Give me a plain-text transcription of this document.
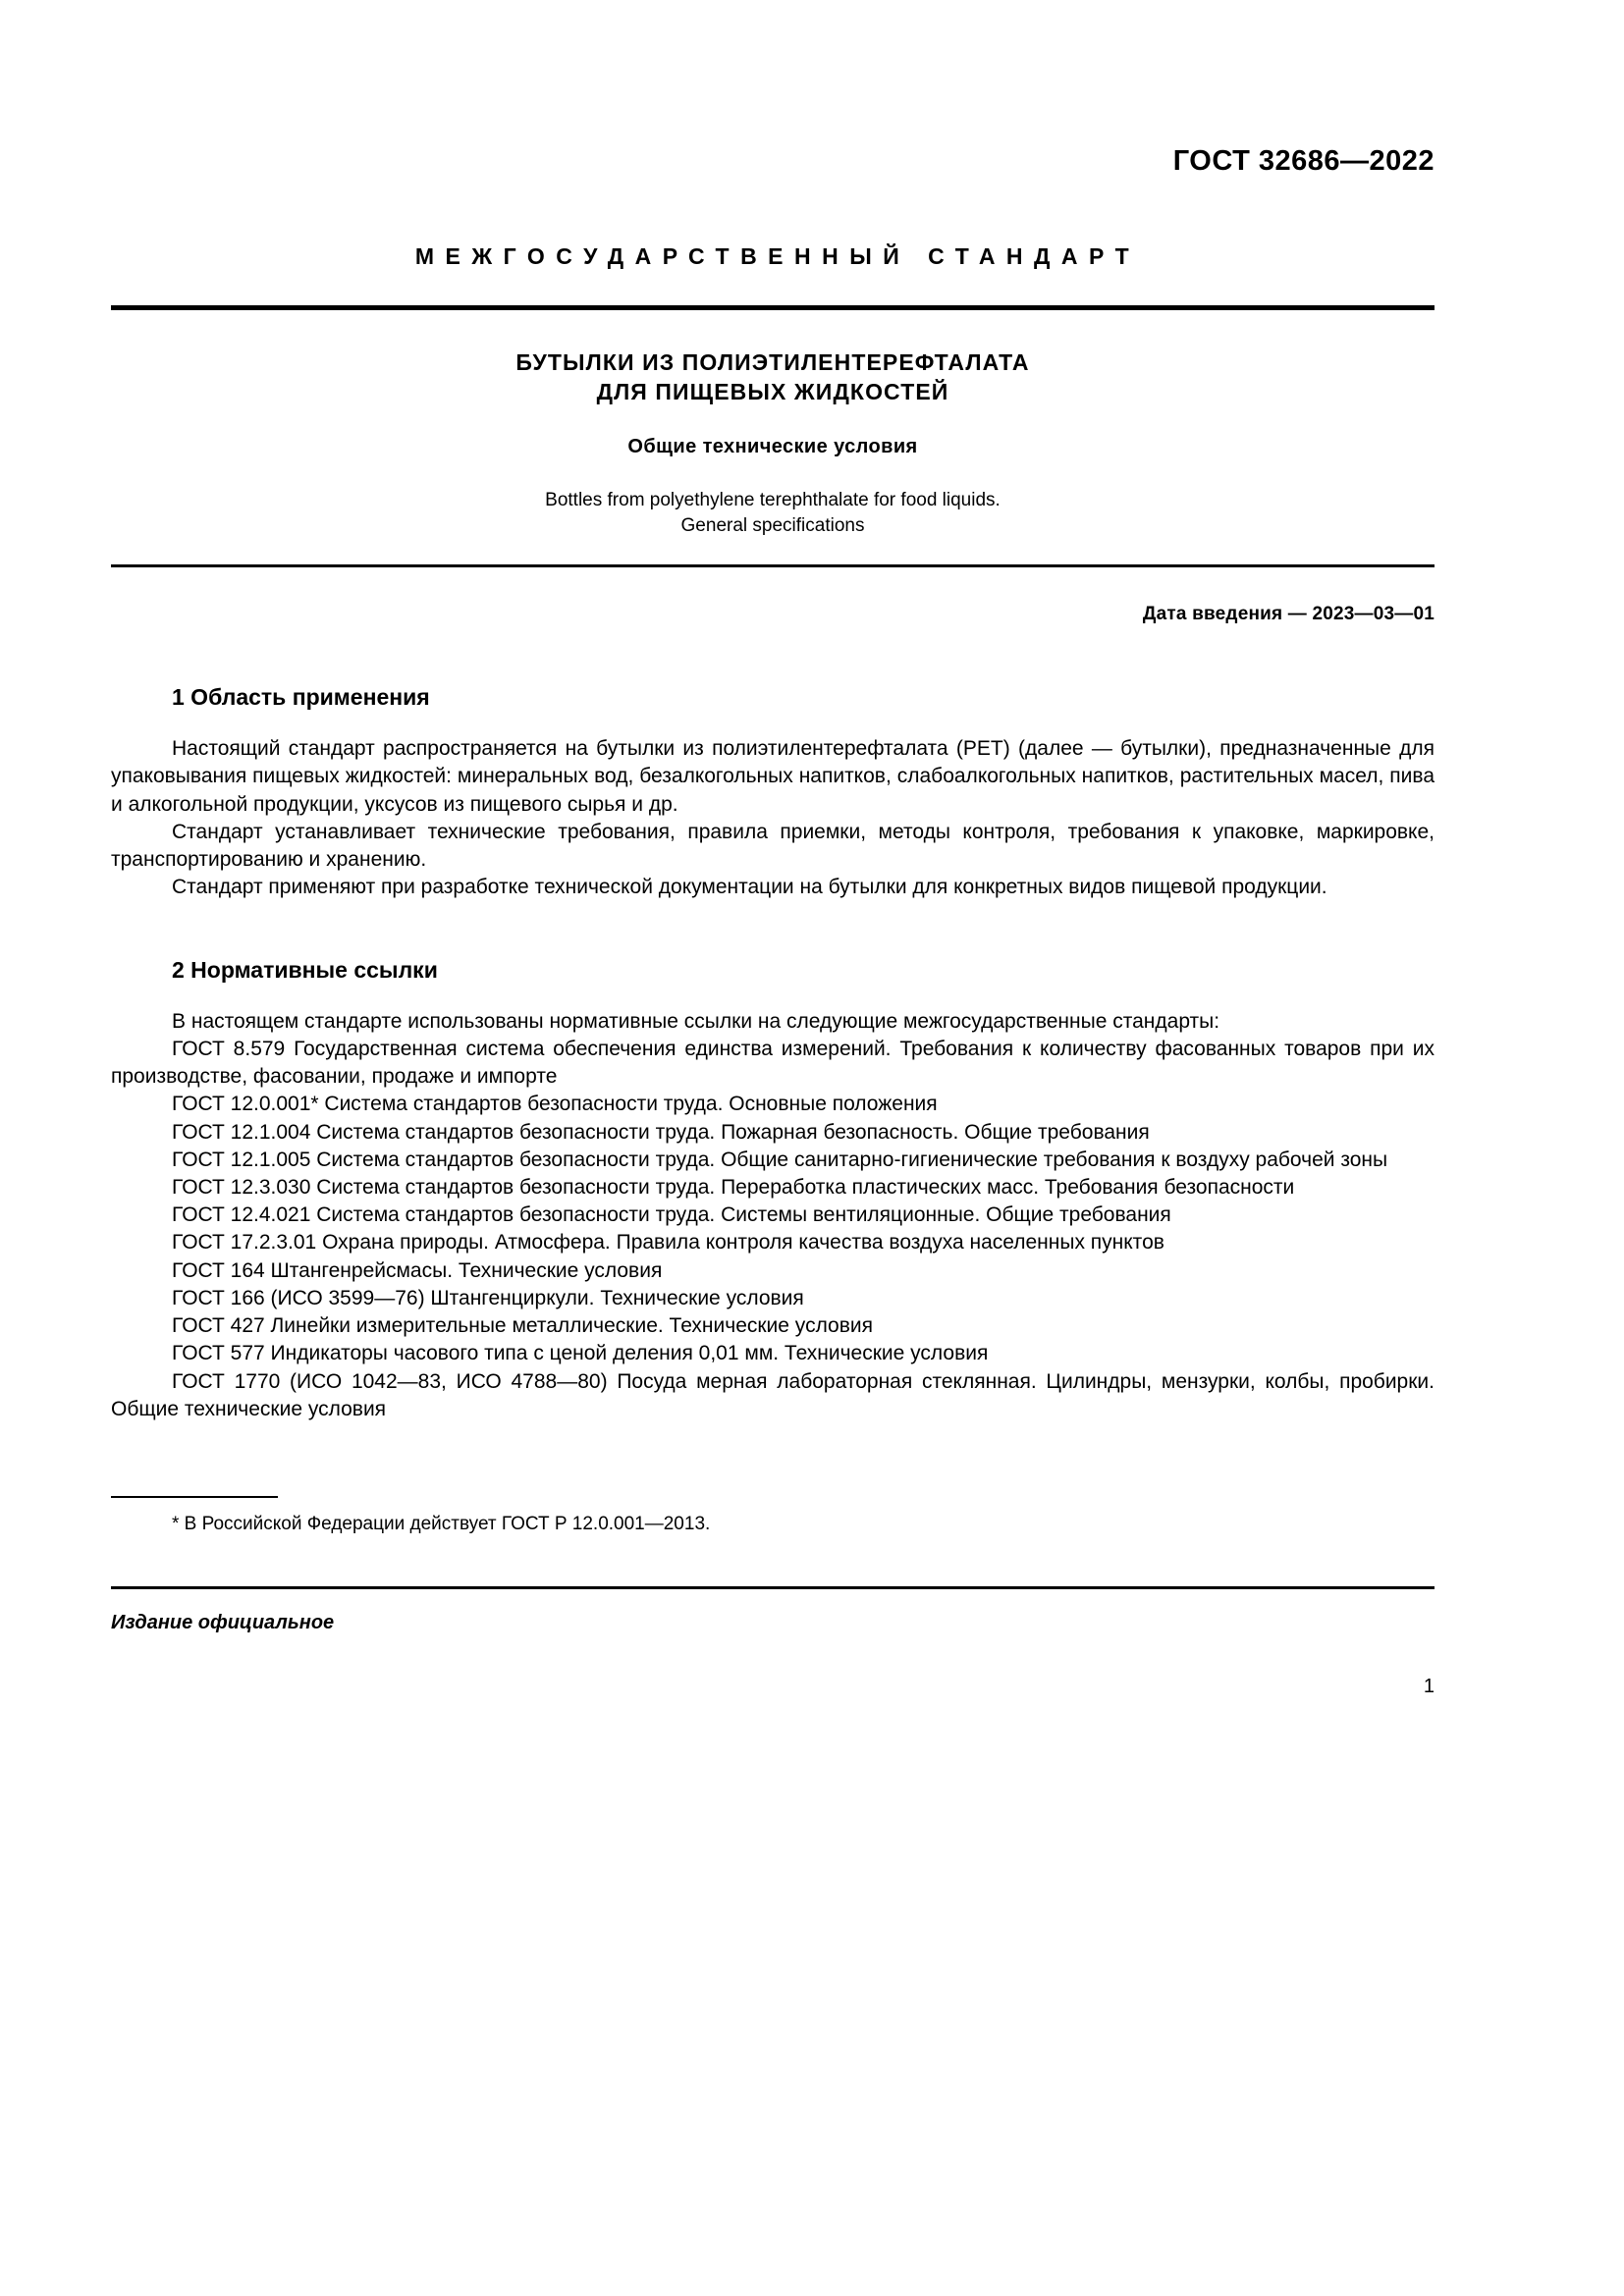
ГОСТ 32686—2022
МЕЖГОСУДАРСТВЕННЫЙ СТАНДАРТ
БУТЫЛКИ ИЗ ПОЛИЭТИЛЕНТЕРЕФТАЛАТА
ДЛЯ ПИЩЕВЫХ ЖИДКОСТЕЙ
Общие технические условия
Bottles from polyethylene terephthalate for food liquids.
General specifications
Дата введения — 2023—03—01
1 Область применения

Настоящий стандарт распространяется на бутылки из полиэтилентерефталата (PET) (далее — бутылки), предназначенные для упаковывания пищевых жидкостей: минеральных вод, безалкогольных напитков, слабоалкогольных напитков, растительных масел, пива и алкогольной продукции, уксусов из пищевого сырья и др.

Стандарт устанавливает технические требования, правила приемки, методы контроля, требования к упаковке, маркировке, транспортированию и хранению.

Стандарт применяют при разработке технической документации на бутылки для конкретных видов пищевой продукции.

2 Нормативные ссылки

В настоящем стандарте использованы нормативные ссылки на следующие межгосударственные стандарты:

ГОСТ 8.579 Государственная система обеспечения единства измерений. Требования к количеству фасованных товаров при их производстве, фасовании, продаже и импорте

ГОСТ 12.0.001* Система стандартов безопасности труда. Основные положения

ГОСТ 12.1.004 Система стандартов безопасности труда. Пожарная безопасность. Общие требования

ГОСТ 12.1.005 Система стандартов безопасности труда. Общие санитарно-гигиенические требования к воздуху рабочей зоны

ГОСТ 12.3.030 Система стандартов безопасности труда. Переработка пластических масс. Требования безопасности

ГОСТ 12.4.021 Система стандартов безопасности труда. Системы вентиляционные. Общие требования

ГОСТ 17.2.3.01 Охрана природы. Атмосфера. Правила контроля качества воздуха населенных пунктов

ГОСТ 164 Штангенрейсмасы. Технические условия

ГОСТ 166 (ИСО 3599—76) Штангенциркули. Технические условия

ГОСТ 427 Линейки измерительные металлические. Технические условия

ГОСТ 577 Индикаторы часового типа с ценой деления 0,01 мм. Технические условия

ГОСТ 1770 (ИСО 1042—83, ИСО 4788—80) Посуда мерная лабораторная стеклянная. Цилиндры, мензурки, колбы, пробирки. Общие технические условия

* В Российской Федерации действует ГОСТ Р 12.0.001—2013.
Издание официальное
1
